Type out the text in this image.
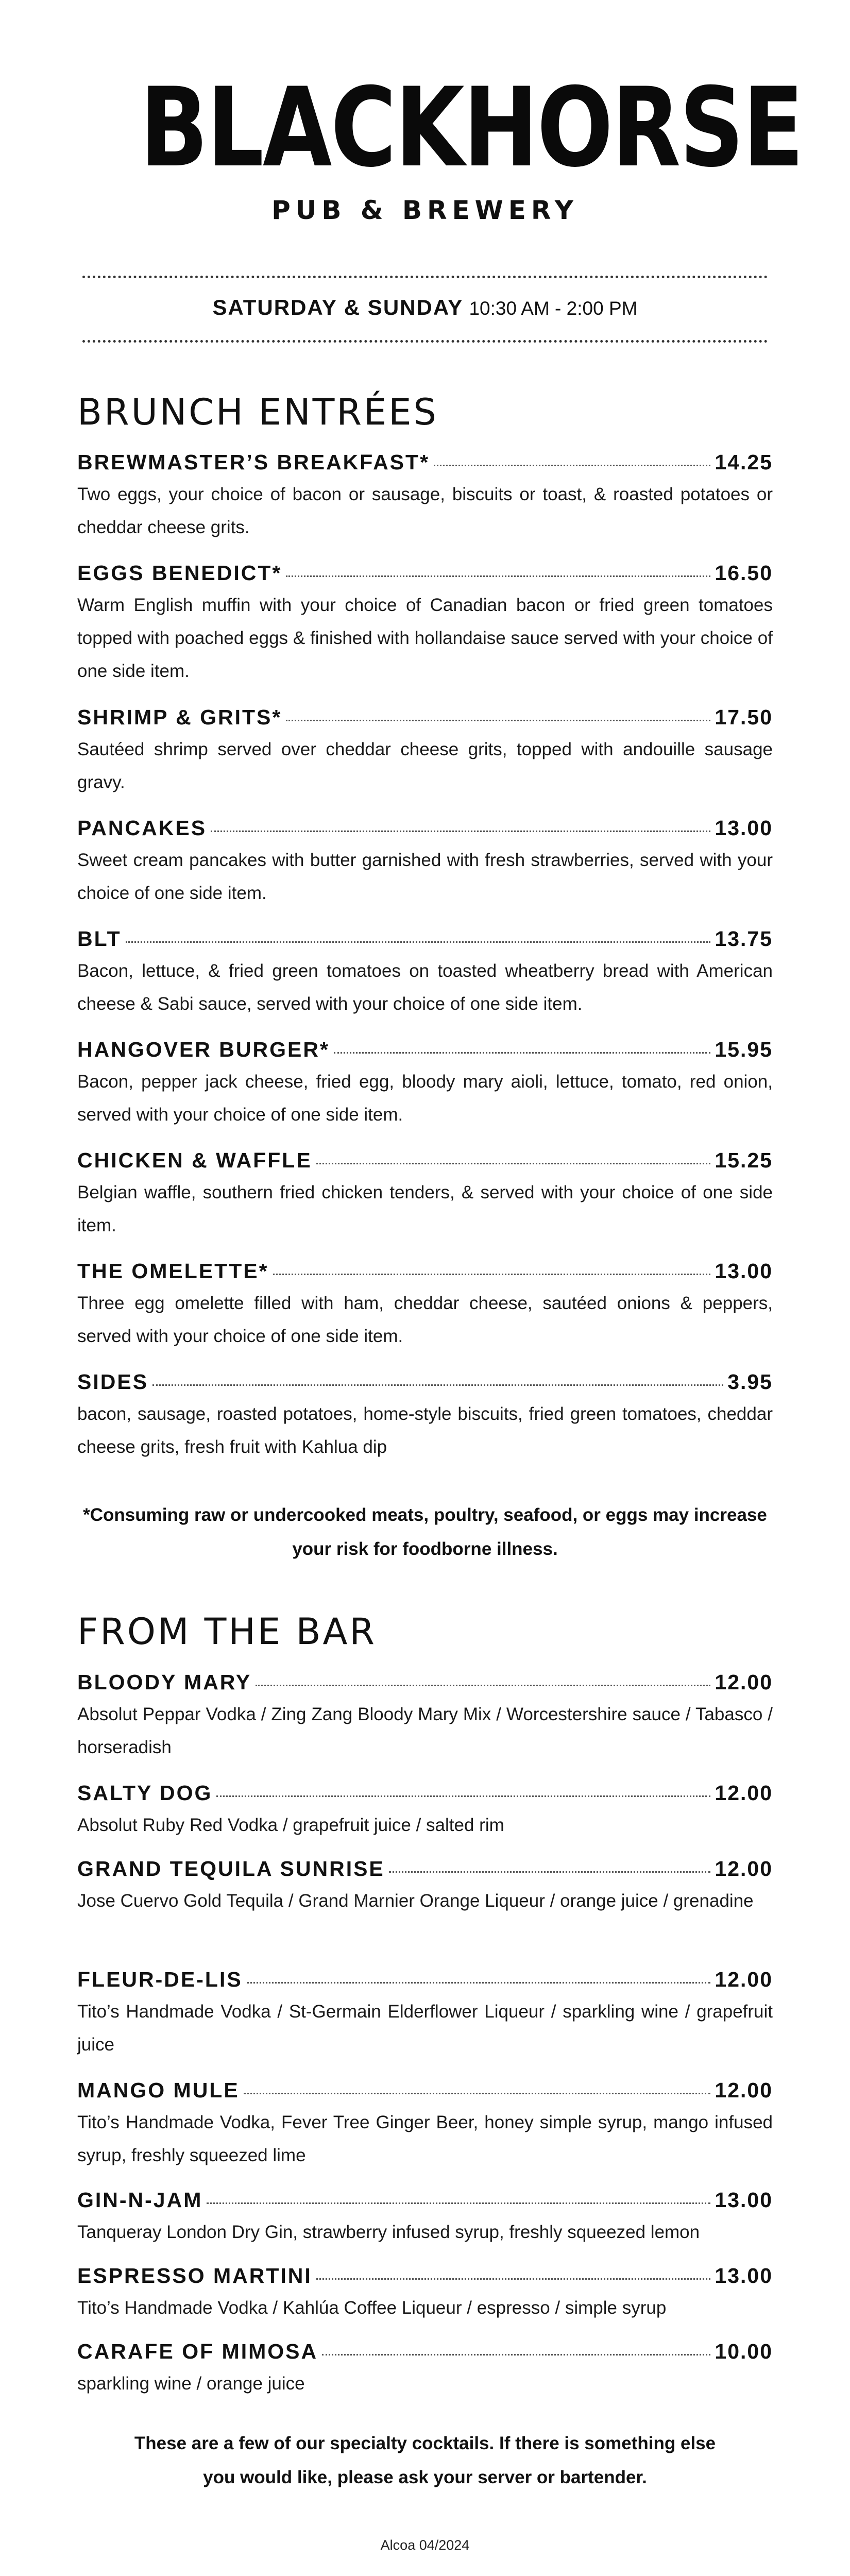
BLACKHORSE
PUB & BREWERY
SATURDAY & SUNDAY 10:30 AM - 2:00 PM
BRUNCH ENTRÉES
BREWMASTER’S BREAKFAST*	14.25
Two eggs, your choice of bacon or sausage, biscuits or toast, & roasted potatoes or cheddar cheese grits.
EGGS BENEDICT*	16.50
Warm English muffin with your choice of Canadian bacon or fried green tomatoes topped with poached eggs & finished with hollandaise sauce served with your choice of one side item.
SHRIMP & GRITS*	17.50
Sautéed shrimp served over cheddar cheese grits, topped with andouille sausage gravy.
PANCAKES	13.00
Sweet cream pancakes with butter garnished with fresh strawberries, served with your choice of one side item.
BLT	13.75
Bacon, lettuce, & fried green tomatoes on toasted wheatberry bread with American cheese & Sabi sauce, served with your choice of one side item.
HANGOVER BURGER*	15.95
Bacon, pepper jack cheese, fried egg, bloody mary aioli, lettuce, tomato, red onion, served with your choice of one side item.
CHICKEN & WAFFLE	15.25
Belgian waffle, southern fried chicken tenders, & served with your choice of one side item.
THE OMELETTE*	13.00
Three egg omelette filled with ham, cheddar cheese, sautéed onions & peppers, served with your choice of one side item.
SIDES	3.95
bacon, sausage, roasted potatoes, home-style biscuits, fried green tomatoes, cheddar cheese grits, fresh fruit with Kahlua dip
*Consuming raw or undercooked meats, poultry, seafood, or eggs may increase
your risk for foodborne illness.
FROM THE BAR
BLOODY MARY	12.00
Absolut Peppar Vodka / Zing Zang Bloody Mary Mix / Worcestershire sauce / Tabasco / horseradish
SALTY DOG	12.00
Absolut Ruby Red Vodka / grapefruit juice / salted rim
GRAND TEQUILA SUNRISE	12.00
Jose Cuervo Gold Tequila / Grand Marnier Orange Liqueur / orange juice / grenadine
FLEUR-DE-LIS	12.00
Tito’s Handmade Vodka / St-Germain Elderflower Liqueur / sparkling wine / grapefruit juice
MANGO MULE	12.00
Tito’s Handmade Vodka, Fever Tree Ginger Beer, honey simple syrup, mango infused syrup, freshly squeezed lime
GIN-N-JAM	13.00
Tanqueray London Dry Gin, strawberry infused syrup, freshly squeezed lemon
ESPRESSO MARTINI	13.00
Tito’s Handmade Vodka / Kahlúa Coffee Liqueur / espresso / simple syrup
CARAFE OF MIMOSA	10.00
sparkling wine / orange juice
These are a few of our specialty cocktails. If there is something else
you would like, please ask your server or bartender.
Alcoa 04/2024
